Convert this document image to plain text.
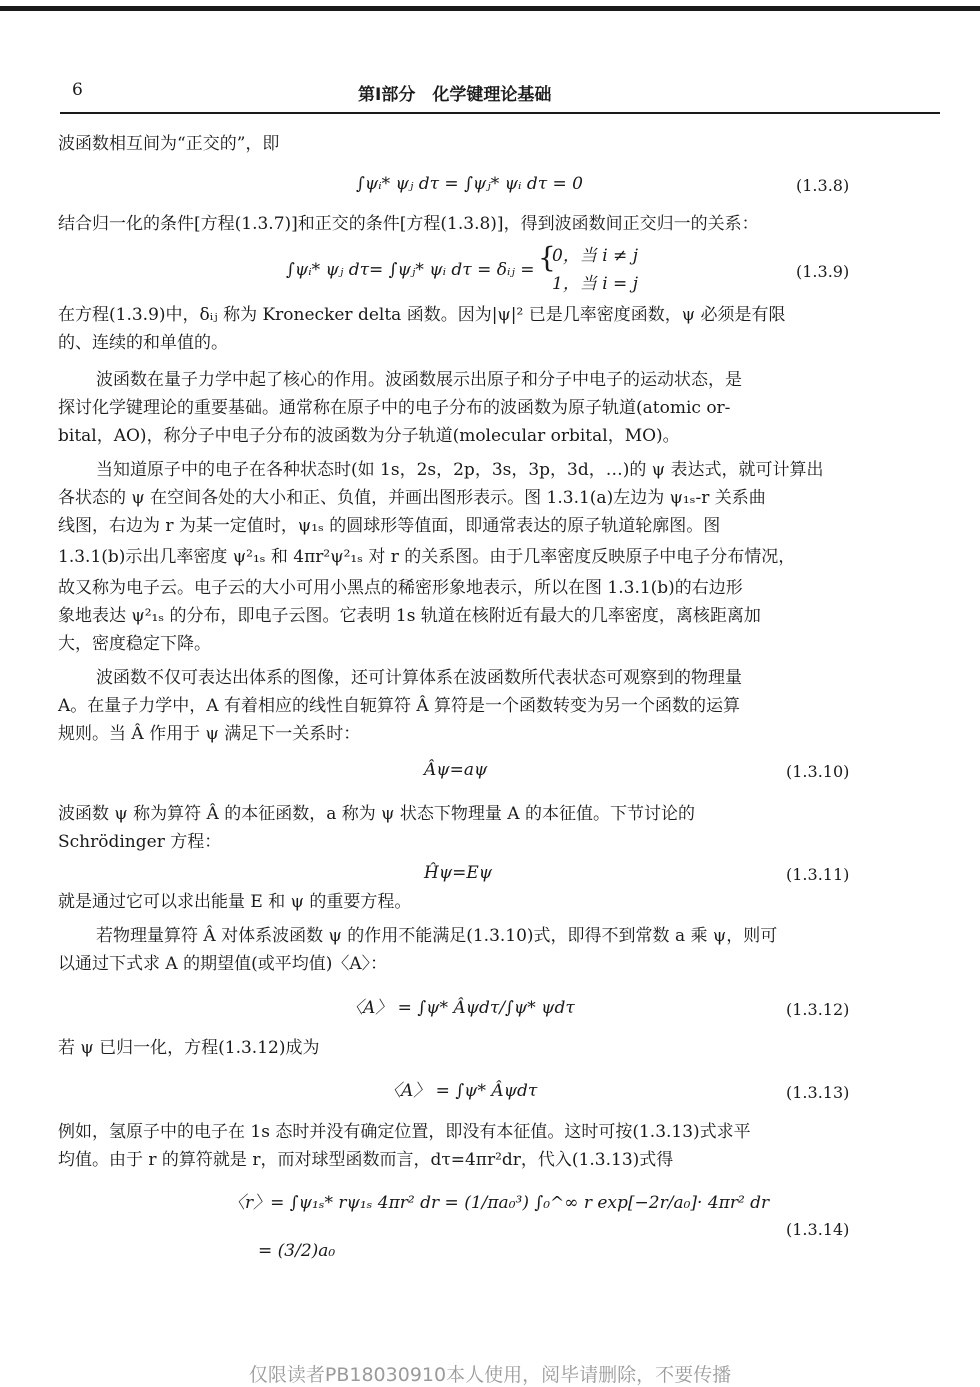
6	第Ⅰ部分　化学键理论基础
波函数相互间为“正交的”，即
∫ψᵢ* ψⱼ dτ = ∫ψⱼ* ψᵢ dτ = 0	(1.3.8)
结合归一化的条件[方程(1.3.7)]和正交的条件[方程(1.3.8)]，得到波函数间正交归一的关系：
∫ψᵢ* ψⱼ dτ= ∫ψⱼ* ψᵢ dτ = δᵢⱼ = {
0，当 i ≠ j
1，当 i = j
(1.3.9)
在方程(1.3.9)中，δᵢⱼ 称为 Kronecker delta 函数。因为|ψ|² 已是几率密度函数，ψ 必须是有限
的、连续的和单值的。
波函数在量子力学中起了核心的作用。波函数展示出原子和分子中电子的运动状态，是
探讨化学键理论的重要基础。通常称在原子中的电子分布的波函数为原子轨道(atomic or-
bital，AO)，称分子中电子分布的波函数为分子轨道(molecular orbital，MO)。
当知道原子中的电子在各种状态时(如 1s，2s，2p，3s，3p，3d，…)的 ψ 表达式，就可计算出
各状态的 ψ 在空间各处的大小和正、负值，并画出图形表示。图 1.3.1(a)左边为 ψ₁ₛ-r 关系曲
线图，右边为 r 为某一定值时，ψ₁ₛ 的圆球形等值面，即通常表达的原子轨道轮廓图。图
1.3.1(b)示出几率密度 ψ²₁ₛ 和 4πr²ψ²₁ₛ 对 r 的关系图。由于几率密度反映原子中电子分布情况，
故又称为电子云。电子云的大小可用小黑点的稀密形象地表示，所以在图 1.3.1(b)的右边形
象地表达 ψ²₁ₛ 的分布，即电子云图。它表明 1s 轨道在核附近有最大的几率密度，离核距离加
大，密度稳定下降。
波函数不仅可表达出体系的图像，还可计算体系在波函数所代表状态可观察到的物理量
A。在量子力学中，A 有着相应的线性自轭算符 Â 算符是一个函数转变为另一个函数的运算
规则。当 Â 作用于 ψ 满足下一关系时：
Âψ=aψ	(1.3.10)
波函数 ψ 称为算符 Â 的本征函数，a 称为 ψ 状态下物理量 A 的本征值。下节讨论的
Schrödinger 方程：
Ĥψ=Eψ	(1.3.11)
就是通过它可以求出能量 E 和 ψ 的重要方程。
若物理量算符 Â 对体系波函数 ψ 的作用不能满足(1.3.10)式，即得不到常数 a 乘 ψ，则可
以通过下式求 A 的期望值(或平均值)〈A〉：
〈A〉 = ∫ψ* Âψdτ/∫ψ* ψdτ	(1.3.12)
若 ψ 已归一化，方程(1.3.12)成为
〈A〉 = ∫ψ* Âψdτ	(1.3.13)
例如，氢原子中的电子在 1s 态时并没有确定位置，即没有本征值。这时可按(1.3.13)式求平
均值。由于 r 的算符就是 r，而对球型函数而言，dτ=4πr²dr，代入(1.3.13)式得
〈r〉= ∫ψ₁ₛ* rψ₁ₛ 4πr² dr = (1/πa₀³) ∫₀^∞ r exp[−2r/a₀]· 4πr² dr
= (3/2)a₀
(1.3.14)
仅限读者PB18030910本人使用，阅毕请删除，不要传播
